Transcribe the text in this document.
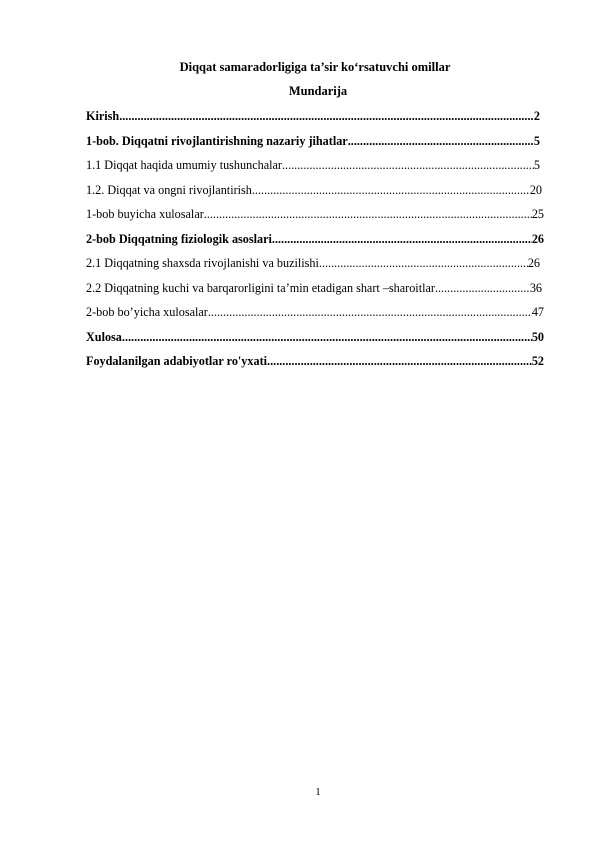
Diqqat samaradorligiga ta’sir ko‘rsatuvchi omillar
Mundarija
Kirish .....	2
1-bob. Diqqatni rivojlantirishning nazariy jihatlar .....	5
1.1 Diqqat haqida umumiy tushunchalar .....	5
1.2. Diqqat va ongni rivojlantirish .....	20
1-bob buyicha xulosalar .....	25
2-bob Diqqatning fiziologik asoslari .....	26
2.1 Diqqatning shaxsda rivojlanishi va buzilishi .....	26
2.2 Diqqatning kuchi va barqarorligini ta’min etadigan shart –sharoitlar .....	36
2-bob bo’yicha xulosalar .....	47
Xulosa .....	50
Foydalanilgan adabiyotlar ro'yxati .....	52
1
